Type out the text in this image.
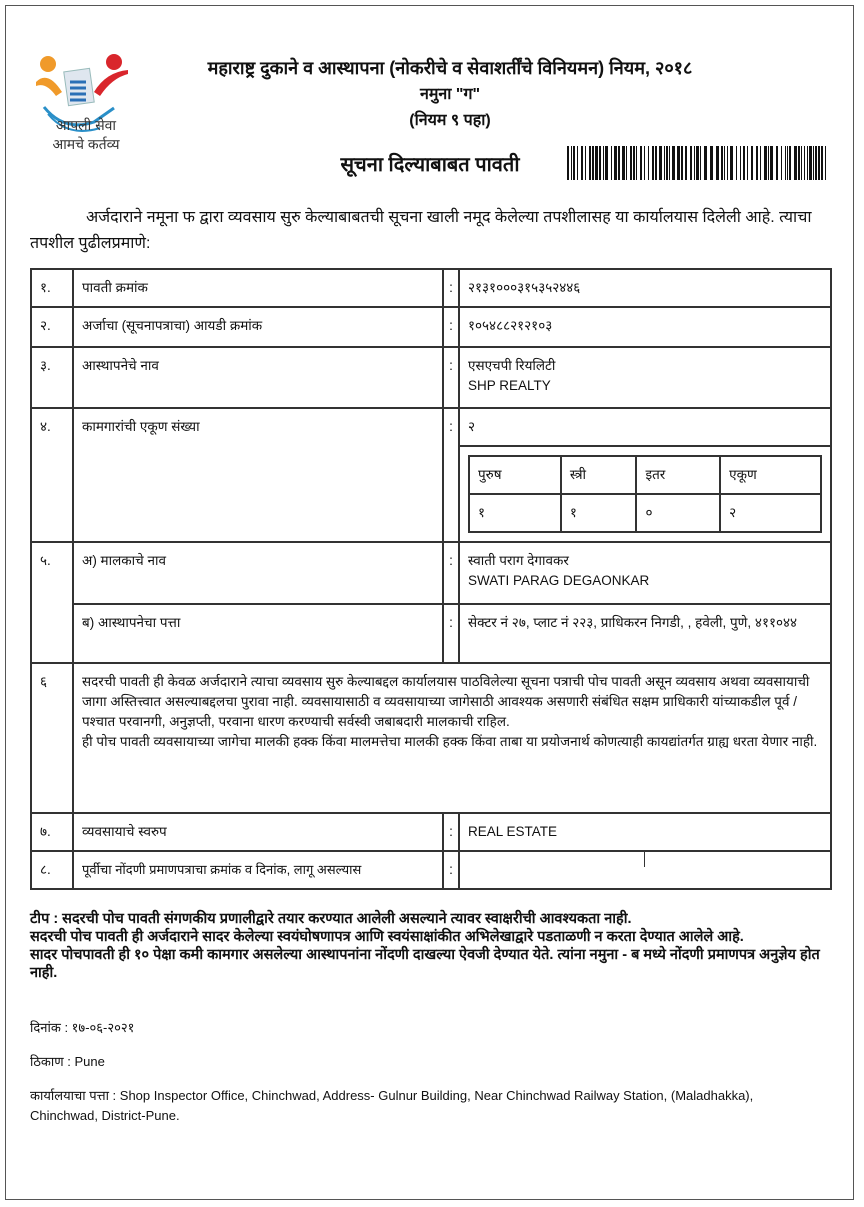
आपली सेवा
आमचे कर्तव्य
महाराष्ट्र दुकाने व आस्थापना (नोकरीचे व सेवाशर्तींचे विनियमन) नियम, २०१८
नमुना "ग"
(नियम ९ पहा)
सूचना दिल्याबाबत पावती
अर्जदाराने नमूना फ द्वारा व्यवसाय सुरु केल्याबाबतची सूचना खाली नमूद केलेल्या तपशीलासह या कार्यालयास दिलेली आहे. त्याचा तपशील पुढीलप्रमाणे:
१.	पावती क्रमांक	:	२१३१०००३१५३५२४४६
२.	अर्जाचा (सूचनापत्राचा) आयडी क्रमांक	:	१०५४८८२१२१०३
३.	आस्थापनेचे नाव	:	एसएचपी रियलिटी
SHP REALTY

४.	कामगारांची एकूण संख्या	:	२

पुरुष	स्त्री	इतर	एकूण
१	१	०	२

५.	अ) मालकाचे नाव	:	स्वाती पराग देगावकर
SWATI PARAG DEGAONKAR

ब) आस्थापनेचा पत्ता	:	सेक्टर नं २७, प्लाट नं २२३, प्राधिकरन निगडी, , हवेली, पुणे, ४११०४४
६	सदरची पावती ही केवळ अर्जदाराने त्याचा व्यवसाय सुरु केल्याबद्दल कार्यालयास पाठविलेल्या सूचना पत्राची पोच पावती असून व्यवसाय अथवा व्यवसायाची जागा अस्तित्त्वात असल्याबद्दलचा पुरावा नाही. व्यवसायासाठी व व्यवसायाच्या जागेसाठी आवश्यक असणारी संबंधित सक्षम प्राधिकारी यांच्याकडील पूर्व / पश्चात परवानगी, अनुज्ञप्ती, परवाना धारण करण्याची सर्वस्वी जबाबदारी मालकाची राहिल.
ही पोच पावती व्यवसायाच्या जागेचा मालकी हक्क किंवा मालमत्तेचा मालकी हक्क किंवा ताबा या प्रयोजनार्थ कोणत्याही कायद्यांतर्गत ग्राह्य धरता येणार नाही.

७.	व्यवसायाचे स्वरुप	:	REAL ESTATE
८.	पूर्वीचा नोंदणी प्रमाणपत्राचा क्रमांक व दिनांक, लागू असल्यास	:	
टीप : सदरची पोच पावती संगणकीय प्रणालीद्वारे तयार करण्यात आलेली असल्याने त्यावर स्वाक्षरीची आवश्यकता नाही.
सदरची पोच पावती ही अर्जदाराने सादर केलेल्या स्वयंघोषणापत्र आणि स्वयंसाक्षांकीत अभिलेखाद्वारे पडताळणी न करता देण्यात आलेले आहे.
सादर पोचपावती ही १० पेक्षा कमी कामगार असलेल्या आस्थापनांना नोंदणी दाखल्या ऐवजी देण्यात येते. त्यांना नमुना - ब मध्ये नोंदणी प्रमाणपत्र अनुज्ञेय होत नाही.
दिनांक : १७-०६-२०२१
ठिकाण : Pune
कार्यालयाचा पत्ता : Shop Inspector Office, Chinchwad, Address- Gulnur Building, Near Chinchwad Railway Station, (Maladhakka), Chinchwad, District-Pune.
